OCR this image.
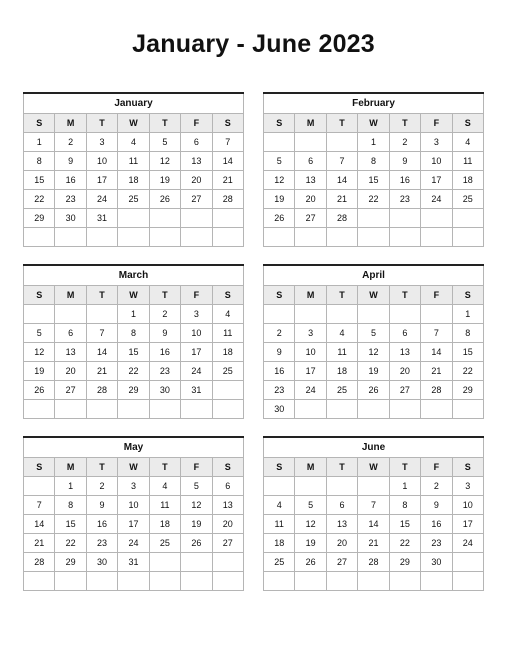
January - June 2023
January
S	M	T	W	T	F	S
1	2	3	4	5	6	7
8	9	10	11	12	13	14
15	16	17	18	19	20	21
22	23	24	25	26	27	28
29	30	31				

February
S	M	T	W	T	F	S
			1	2	3	4
5	6	7	8	9	10	11
12	13	14	15	16	17	18
19	20	21	22	23	24	25
26	27	28				

March
S	M	T	W	T	F	S
			1	2	3	4
5	6	7	8	9	10	11
12	13	14	15	16	17	18
19	20	21	22	23	24	25
26	27	28	29	30	31	

April
S	M	T	W	T	F	S
						1
2	3	4	5	6	7	8
9	10	11	12	13	14	15
16	17	18	19	20	21	22
23	24	25	26	27	28	29
30						
May
S	M	T	W	T	F	S
	1	2	3	4	5	6
7	8	9	10	11	12	13
14	15	16	17	18	19	20
21	22	23	24	25	26	27
28	29	30	31			

June
S	M	T	W	T	F	S
				1	2	3
4	5	6	7	8	9	10
11	12	13	14	15	16	17
18	19	20	21	22	23	24
25	26	27	28	29	30	
